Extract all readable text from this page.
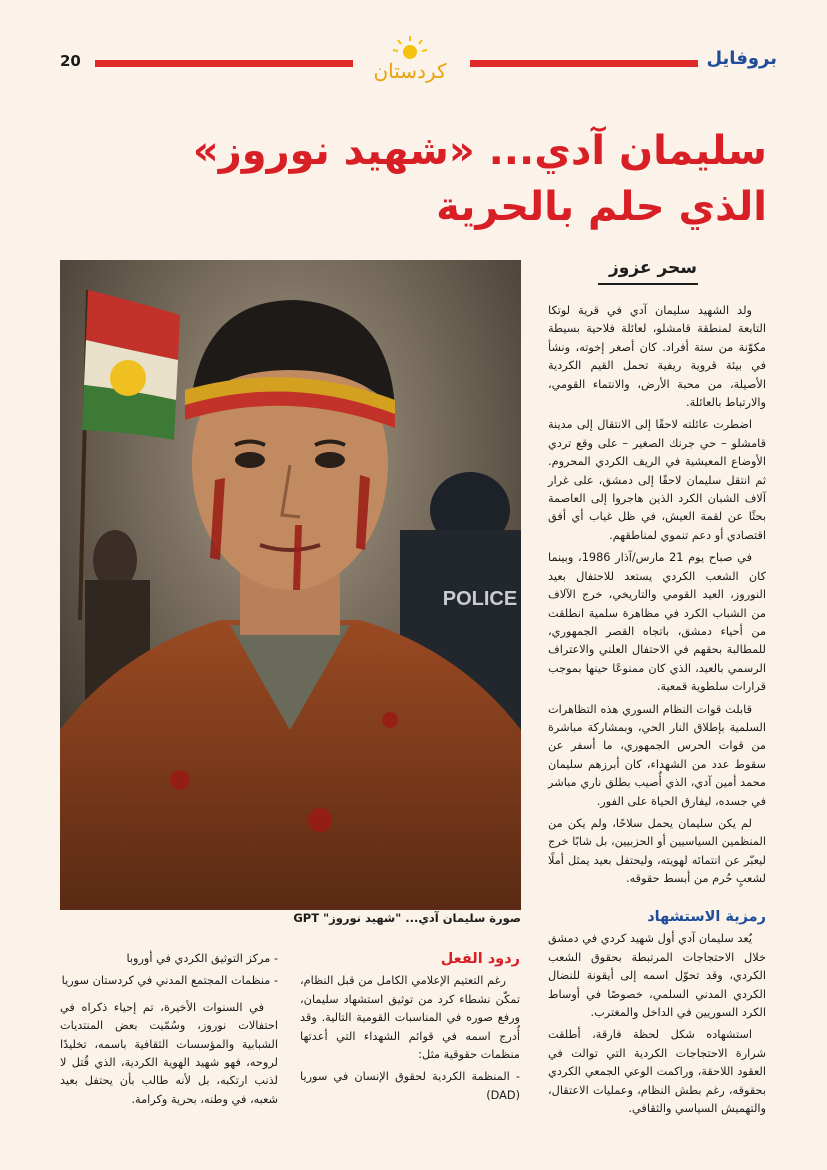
20	كردستان
بروفايل
سليمان آدي... «شهيد نوروز»
الذي حلم بالحرية
سحر عزوز
POLICE
صورة سليمان آدي... "شهيد نوروز" GPT

ولد الشهيد سليمان آدي في قرية لوتكا التابعة لمنطقة قامشلو، لعائلة فلاحية بسيطة مكوّنة من ستة أفراد. كان أصغر إخوته، ونشأ في بيئة قروية ريفية تحمل القيم الكردية الأصيلة، من محبة الأرض، والانتماء القومي، والارتباط بالعائلة.

اضطرت عائلته لاحقًا إلى الانتقال إلى مدينة قامشلو – حي جرنك الصغير – على وقع تردي الأوضاع المعيشية في الريف الكردي المحروم. ثم انتقل سليمان لاحقًا إلى دمشق، على غرار آلاف الشبان الكرد الذين هاجروا إلى العاصمة بحثًا عن لقمة العيش، في ظل غياب أي أفق اقتصادي أو دعم تنموي لمناطقهم.

في صباح يوم 21 مارس/آذار 1986، وبينما كان الشعب الكردي يستعد للاحتفال بعيد النوروز، العيد القومي والتاريخي، خرج الآلاف من الشباب الكرد في مظاهرة سلمية انطلقت من أحياء دمشق، باتجاه القصر الجمهوري، للمطالبة بحقهم في الاحتفال العلني والاعتراف الرسمي بالعيد، الذي كان ممنوعًا حينها بموجب قرارات سلطوية قمعية.

قابلت قوات النظام السوري هذه التظاهرات السلمية بإطلاق النار الحي، وبمشاركة مباشرة من قوات الحرس الجمهوري، ما أسفر عن سقوط عدد من الشهداء، كان أبرزهم سليمان محمد أمين آدي، الذي أُصيب بطلق ناري مباشر في جسده، ليفارق الحياة على الفور.

لم يكن سليمان يحمل سلاحًا، ولم يكن من المنظمين السياسيين أو الحزبيين، بل شابًا خرج ليعبّر عن انتمائه لهويته، وليحتفل بعيد يمثل أملًا لشعبٍ حُرم من أبسط حقوقه.

رمزية الاستشهاد

يُعد سليمان آدي أول شهيد كردي في دمشق خلال الاحتجاجات المرتبطة بحقوق الشعب الكردي، وقد تحوّل اسمه إلى أيقونة للنضال الكردي المدني السلمي، خصوصًا في أوساط الكرد السوريين في الداخل والمغترب.

استشهاده شكل لحظة فارقة، أطلقت شرارة الاحتجاجات الكردية التي توالت في العقود اللاحقة، وراكمت الوعي الجمعي الكردي بحقوقه، رغم بطش النظام، وعمليات الاعتقال، والتهميش السياسي والثقافي.

ردود الفعل

رغم التعتيم الإعلامي الكامل من قبل النظام، تمكّن نشطاء كرد من توثيق استشهاد سليمان، ورفع صوره في المناسبات القومية التالية. وقد أُدرج اسمه في قوائم الشهداء التي أعدتها منظمات حقوقية مثل:

- المنظمة الكردية لحقوق الإنسان في سوريا (DAD)

- مركز التوثيق الكردي في أوروبا

- منظمات المجتمع المدني في كردستان سوريا

في السنوات الأخيرة، تم إحياء ذكراه في احتفالات نوروز، وسُمّيت بعض المنتديات الشبابية والمؤسسات الثقافية باسمه، تخليدًا لروحه، فهو شهيد الهوية الكردية، الذي قُتل لا لذنب ارتكبه، بل لأنه طالب بأن يحتفل بعيد شعبه، في وطنه، بحرية وكرامة.
